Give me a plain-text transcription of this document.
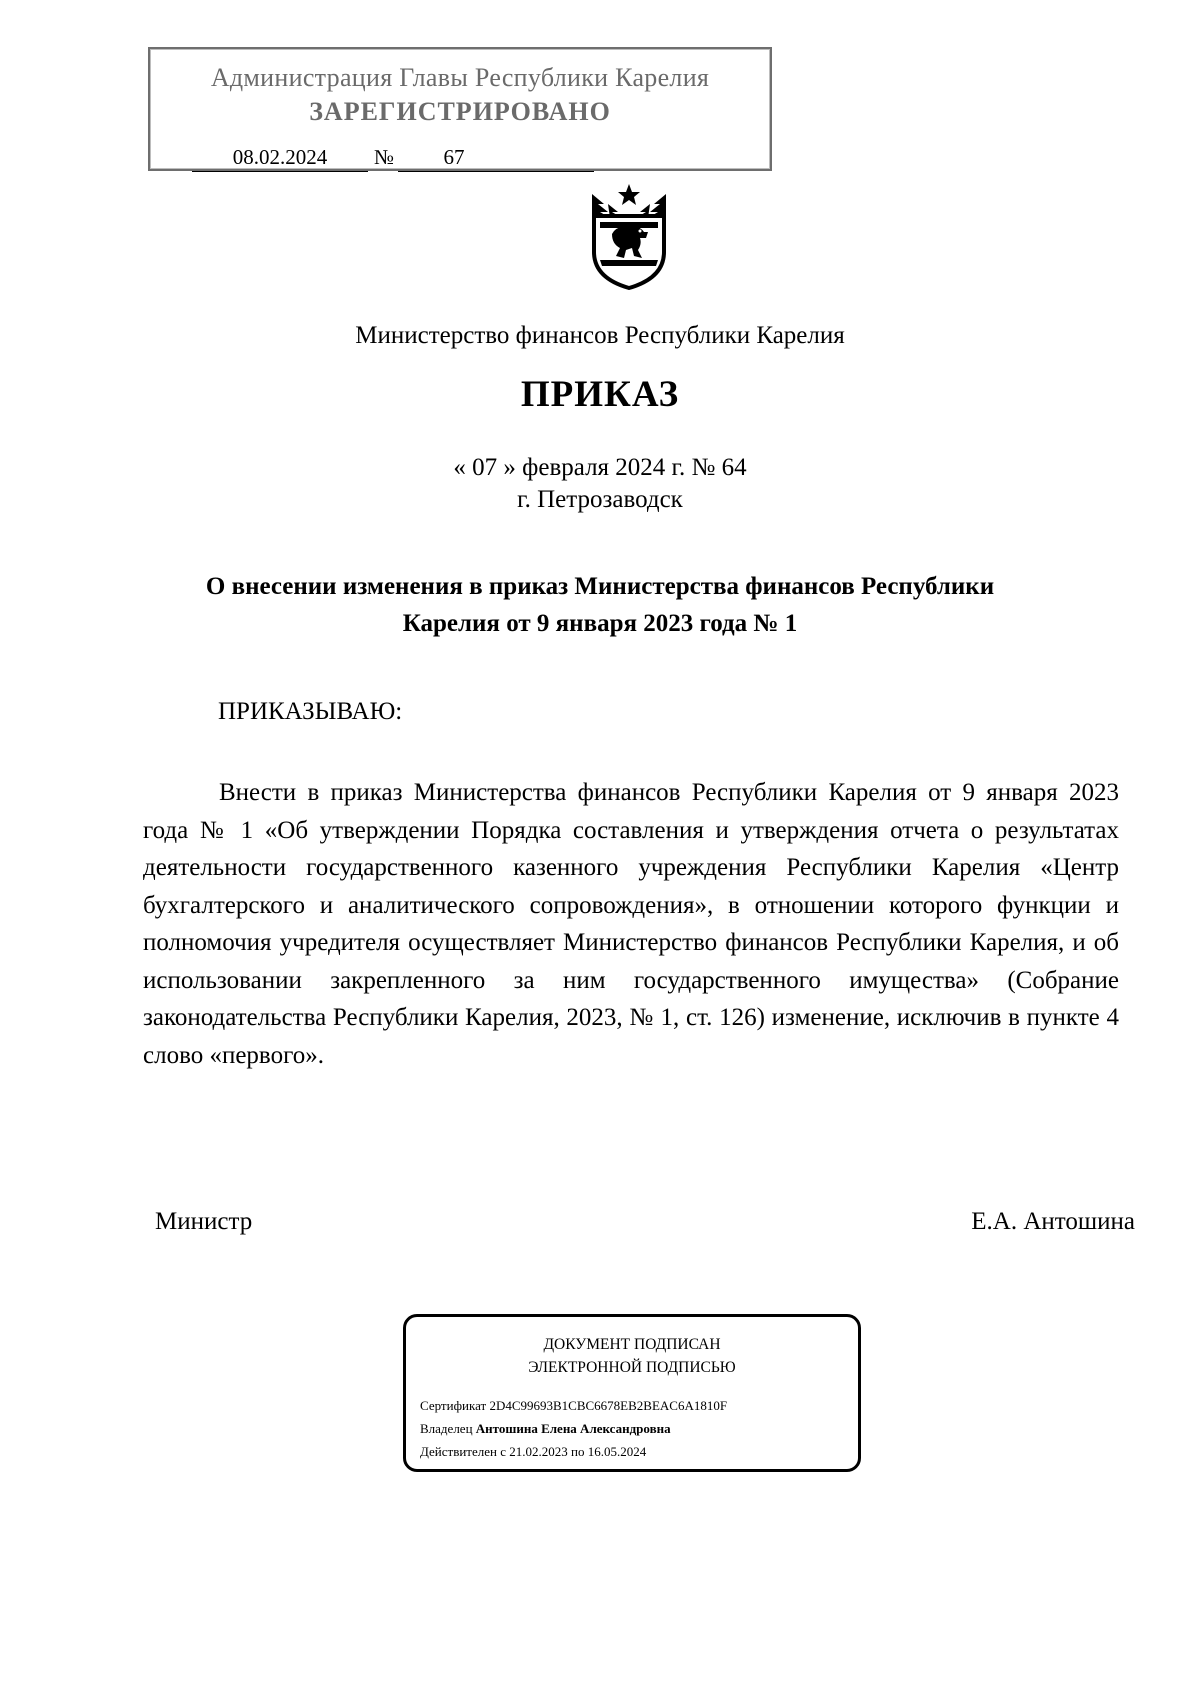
Администрация Главы Республики Карелия
ЗАРЕГИСТРИРОВАНО
08.02.2024	№	67
Министерство финансов Республики Карелия
ПРИКАЗ
« 07 » февраля 2024 г. № 64
г. Петрозаводск
О внесении изменения в приказ Министерства финансов Республики
Карелия от 9 января 2023 года № 1
ПРИКАЗЫВАЮ:
Внести в приказ Министерства финансов Республики Карелия от 9 января 2023 года № 1 «Об утверждении Порядка составления и утверждения отчета о результатах деятельности государственного казенного учреждения Республики Карелия «Центр бухгалтерского и аналитического сопровождения», в отношении которого функции и полномочия учредителя осуществляет Министерство финансов Республики Карелия, и об использовании закрепленного за ним государственного имущества» (Собрание законодательства Республики Карелия, 2023, № 1, ст. 126) изменение, исключив в пункте 4 слово «первого».
Министр	Е.А. Антошина
ДОКУМЕНТ ПОДПИСАН
ЭЛЕКТРОННОЙ ПОДПИСЬЮ
Сертификат 2D4C99693B1CBC6678EB2BEAC6A1810F
Владелец Антошина Елена Александровна
Действителен с 21.02.2023 по 16.05.2024
